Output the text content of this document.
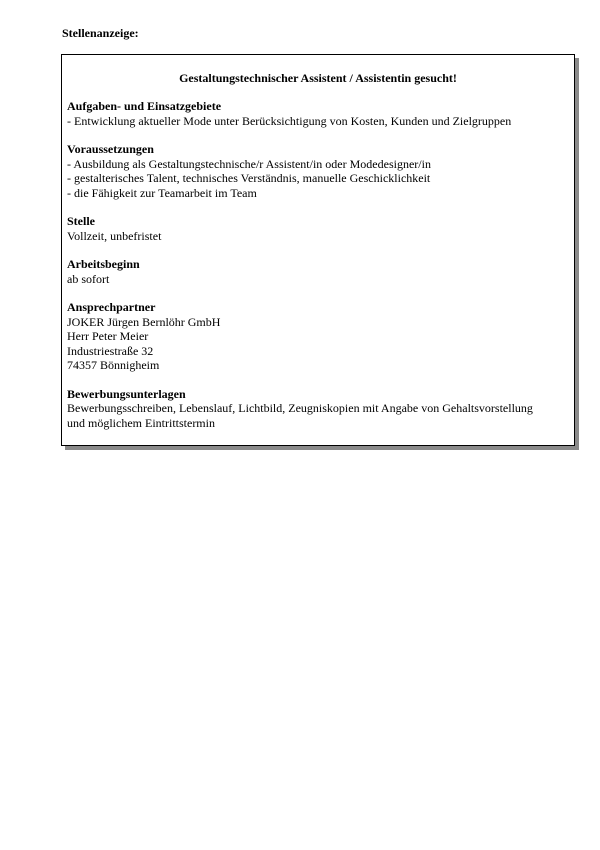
Stellenanzeige:
Gestaltungstechnischer Assistent / Assistentin gesucht!
Aufgaben- und Einsatzgebiete
- Entwicklung aktueller Mode unter Berücksichtigung von Kosten, Kunden und Zielgruppen
Voraussetzungen
- Ausbildung als Gestaltungstechnische/r Assistent/in oder Modedesigner/in
- gestalterisches Talent, technisches Verständnis, manuelle Geschicklichkeit
- die Fähigkeit zur Teamarbeit im Team
Stelle
Vollzeit, unbefristet
Arbeitsbeginn
ab sofort
Ansprechpartner
JOKER Jürgen Bernlöhr GmbH
Herr Peter Meier
Industriestraße 32
74357 Bönnigheim
Bewerbungsunterlagen
Bewerbungsschreiben, Lebenslauf, Lichtbild, Zeugniskopien mit Angabe von Gehaltsvorstellung
und möglichem Eintrittstermin
